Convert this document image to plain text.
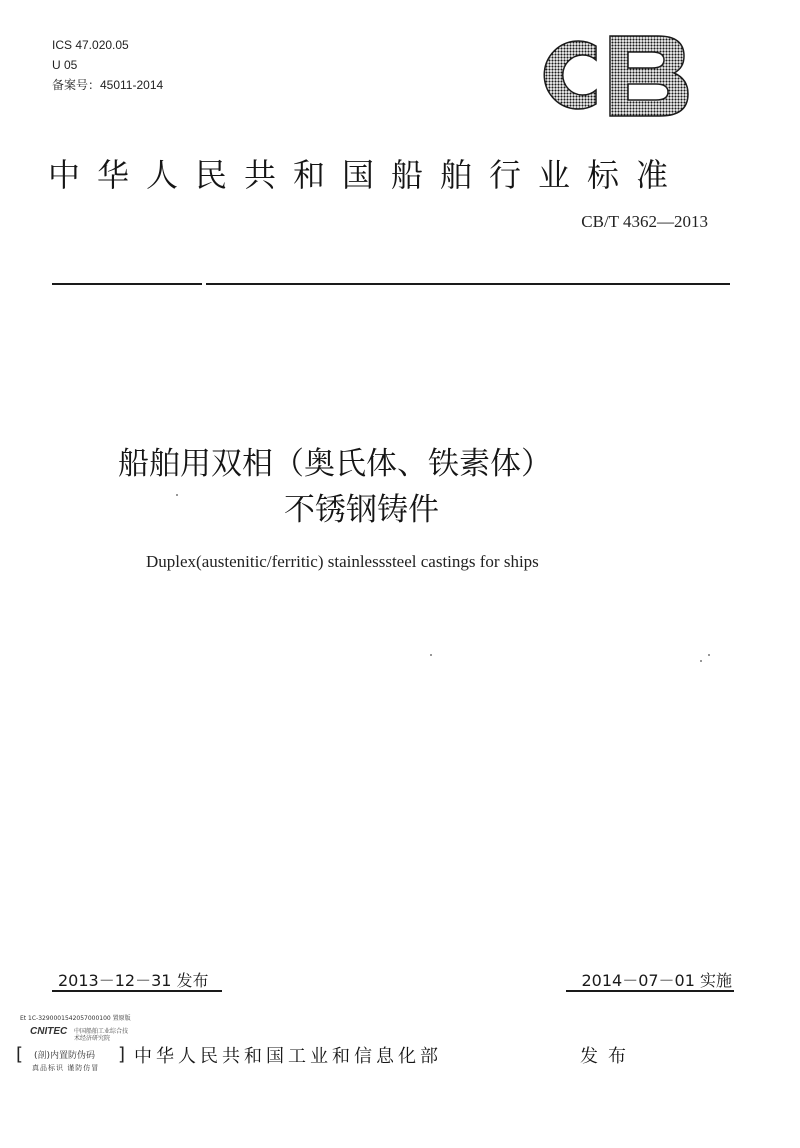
ICS 47.020.05
U 05
备案号：45011-2014
中华人民共和国船舶行业标准
CB/T 4362—2013
船舶用双相（奥氏体、铁素体）
不锈钢铸件
Duplex(austenitic/ferritic) stainlesssteel castings for ships
2013－12－31 发布	2014－07－01 实施
Et 1C-3290001542057000100 置原版
CNITEC 中国船舶工业综合技术经济研究院
[ (剖)内置防伪码 ]
真品标识 谨防仿冒
中华人民共和国工业和信息化部	发布
